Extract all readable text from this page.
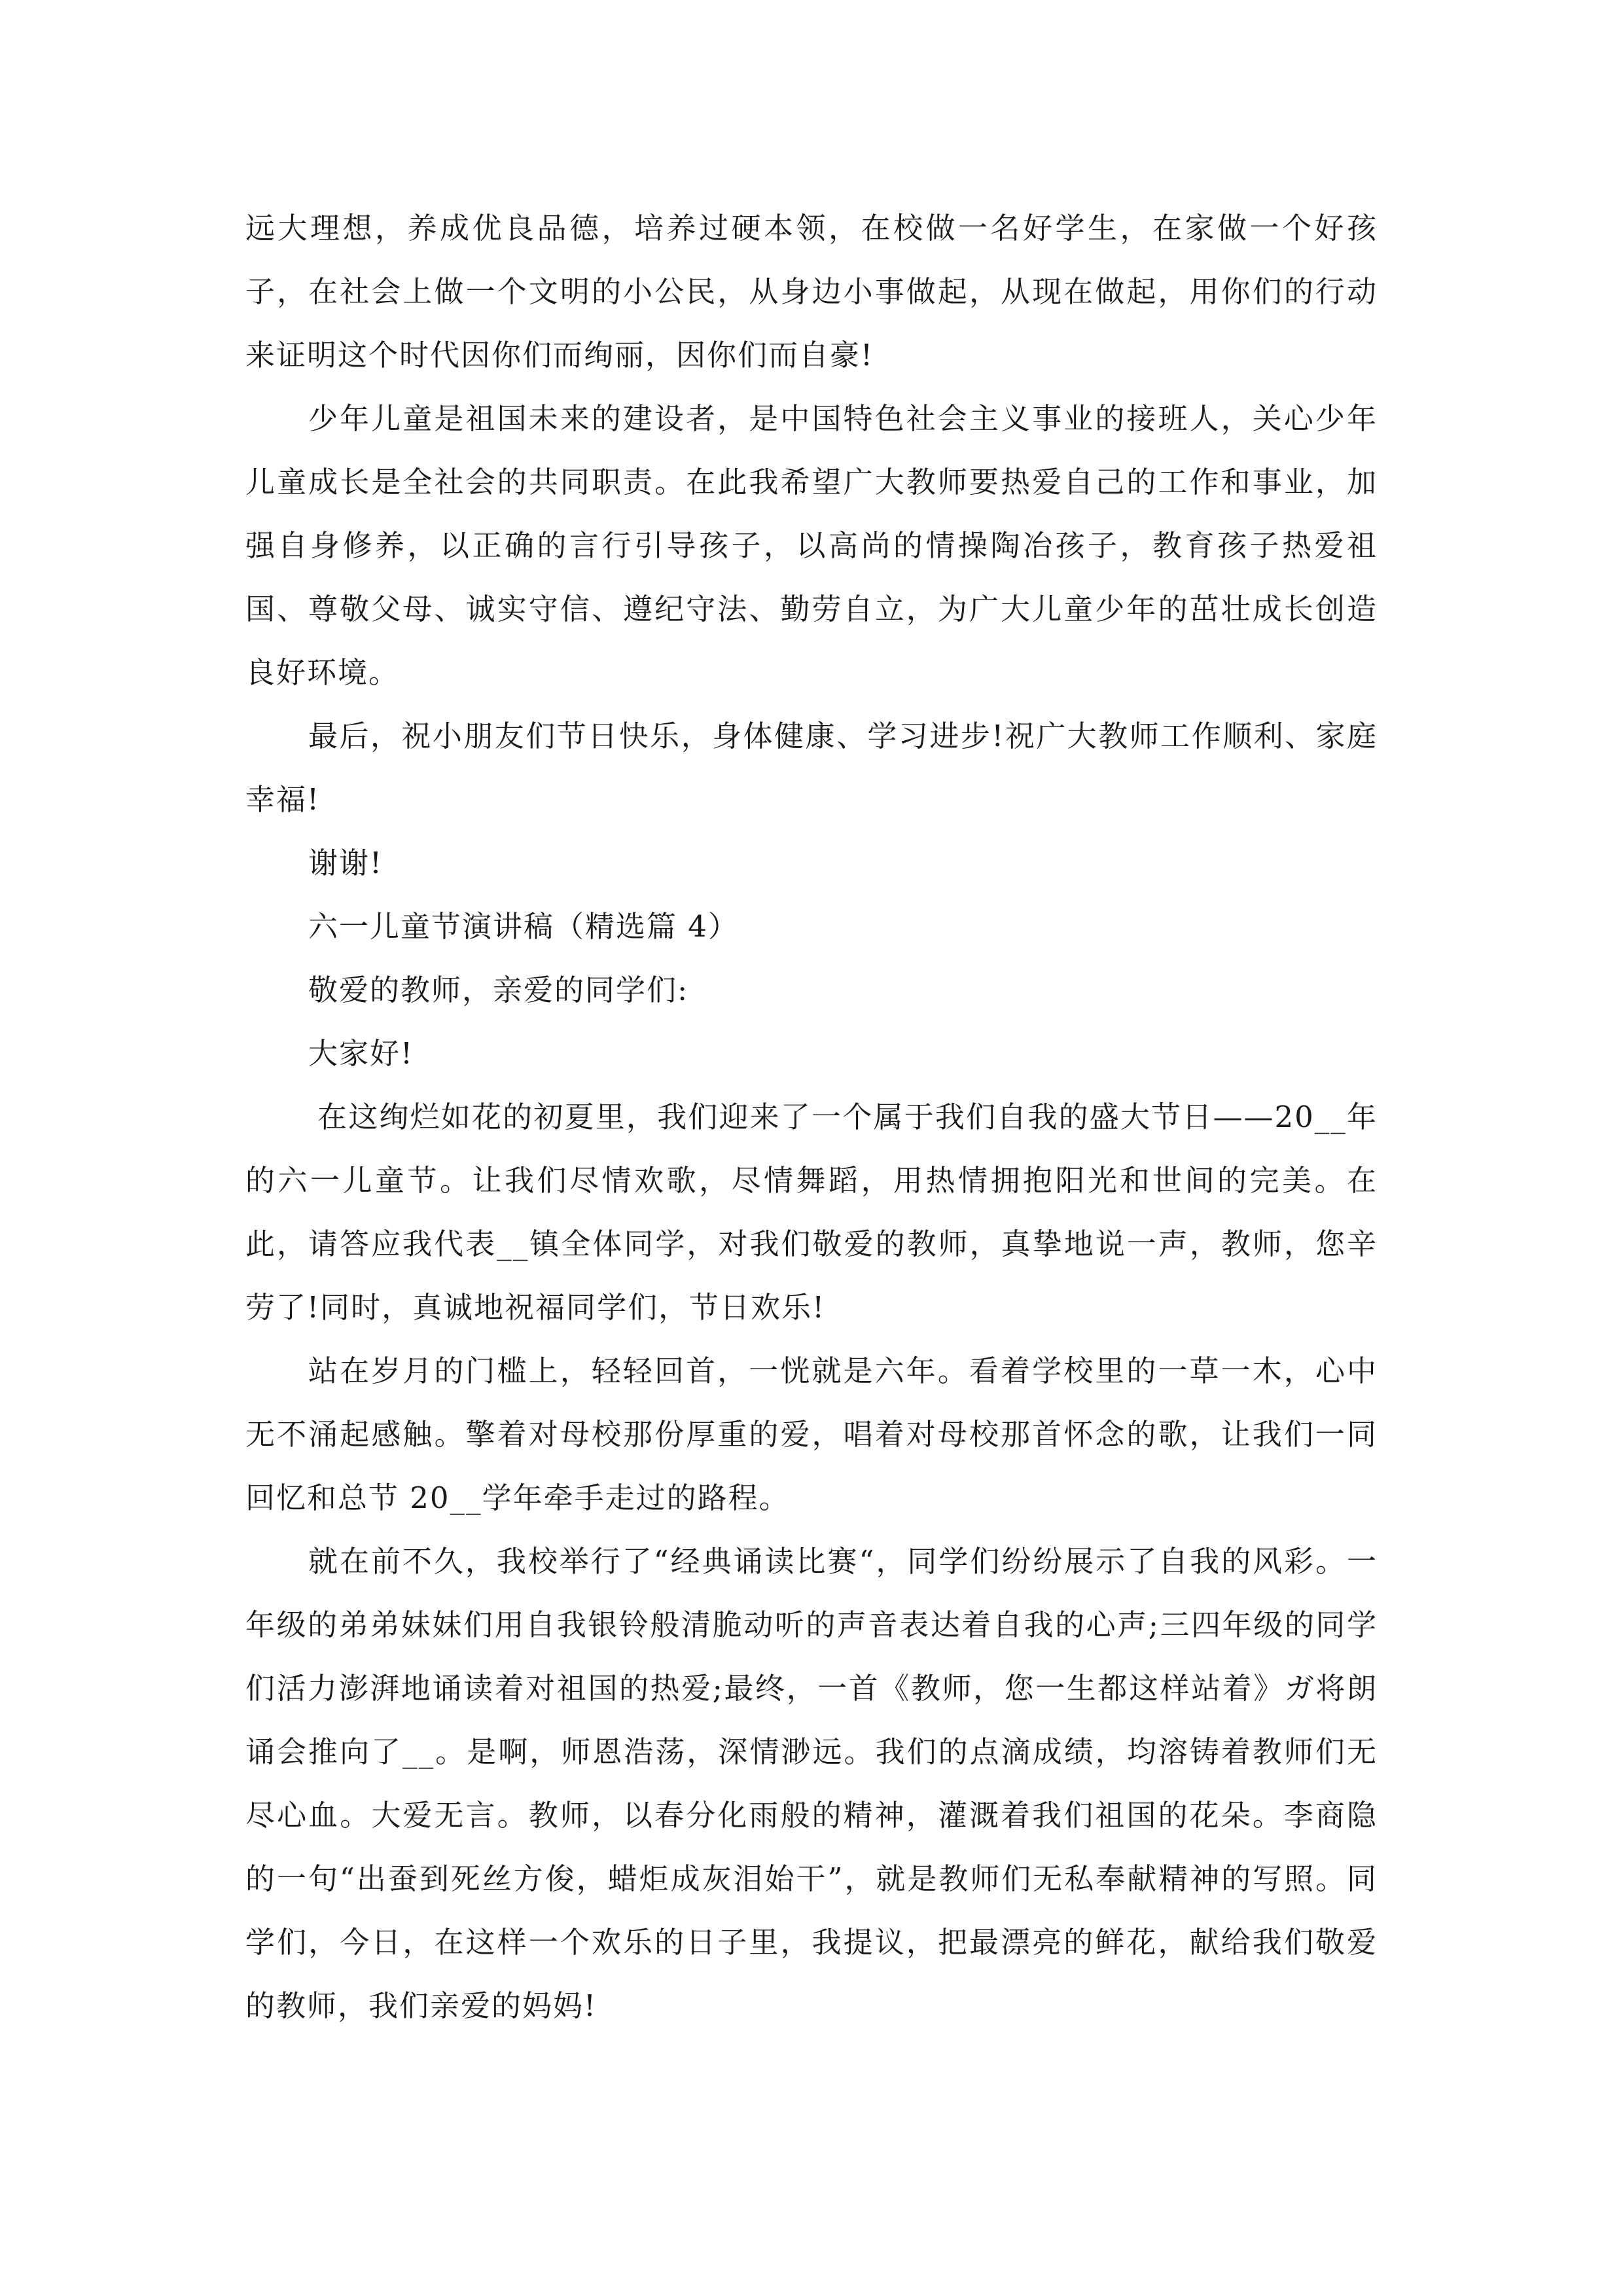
远大理想，养成优良品德，培养过硬本领，在校做一名好学生，在家做一个好孩子，在社会上做一个文明的小公民，从身边小事做起，从现在做起，用你们的行动来证明这个时代因你们而绚丽，因你们而自豪!

少年儿童是祖国未来的建设者，是中国特色社会主义事业的接班人，关心少年儿童成长是全社会的共同职责。在此我希望广大教师要热爱自己的工作和事业，加强自身修养，以正确的言行引导孩子，以高尚的情操陶冶孩子，教育孩子热爱祖国、尊敬父母、诚实守信、遵纪守法、勤劳自立，为广大儿童少年的茁壮成长创造良好环境。

最后，祝小朋友们节日快乐，身体健康、学习进步!祝广大教师工作顺利、家庭幸福!

谢谢!

六一儿童节演讲稿（精选篇 4）

敬爱的教师，亲爱的同学们:

大家好!

在这绚烂如花的初夏里，我们迎来了一个属于我们自我的盛大节日——20__年的六一儿童节。让我们尽情欢歌，尽情舞蹈，用热情拥抱阳光和世间的完美。在此，请答应我代表__镇全体同学，对我们敬爱的教师，真挚地说一声，教师，您辛劳了!同时，真诚地祝福同学们，节日欢乐!

站在岁月的门槛上，轻轻回首，一恍就是六年。看着学校里的一草一木，心中无不涌起感触。擎着对母校那份厚重的爱，唱着对母校那首怀念的歌，让我们一同回忆和总节 20__学年牵手走过的路程。

就在前不久，我校举行了“经典诵读比赛“，同学们纷纷展示了自我的风彩。一年级的弟弟妹妹们用自我银铃般清脆动听的声音表达着自我的心声;三四年级的同学们活力澎湃地诵读着对祖国的热爱;最终，一首《教师，您一生都这样站着》ガ将朗诵会推向了__。是啊，师恩浩荡，深情渺远。我们的点滴成绩，均溶铸着教师们无尽心血。大爱无言。教师，以春分化雨般的精神，灌溉着我们祖国的花朵。李商隐的一句“出蚕到死丝方俊，蜡炬成灰泪始干”，就是教师们无私奉献精神的写照。同学们，今日，在这样一个欢乐的日子里，我提议，把最漂亮的鲜花，献给我们敬爱的教师，我们亲爱的妈妈!
